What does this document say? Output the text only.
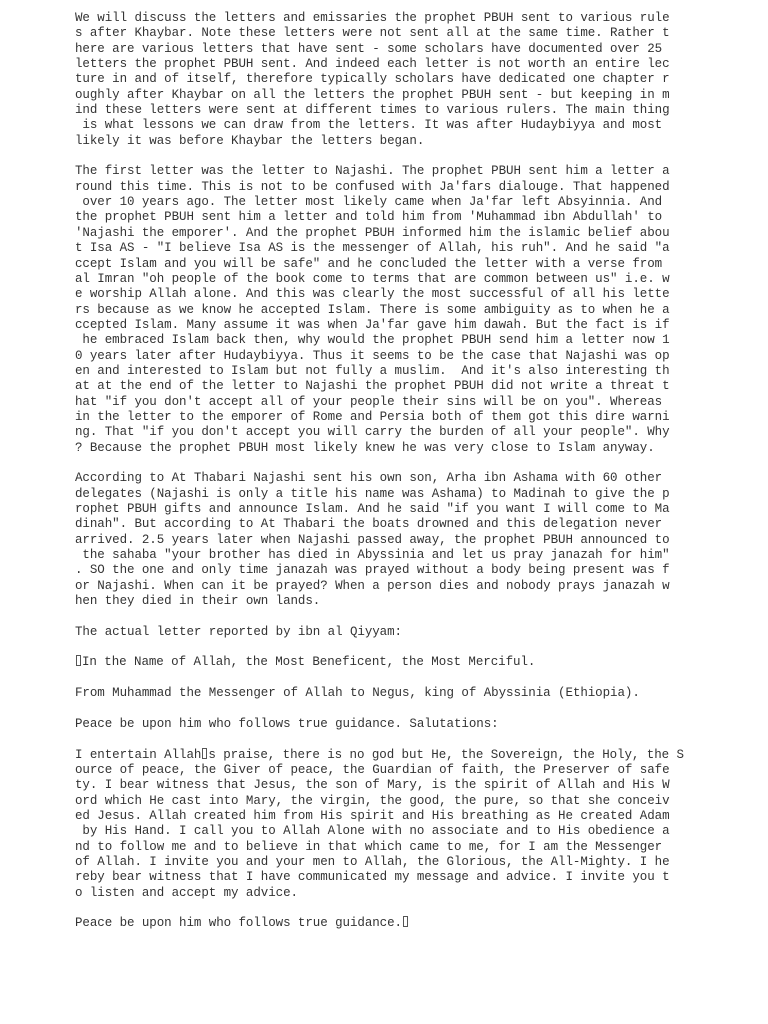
We will discuss the letters and emissaries the prophet PBUH sent to various rule
s after Khaybar. Note these letters were not sent all at the same time. Rather t
here are various letters that have sent - some scholars have documented over 25
letters the prophet PBUH sent. And indeed each letter is not worth an entire lec
ture in and of itself, therefore typically scholars have dedicated one chapter r
oughly after Khaybar on all the letters the prophet PBUH sent - but keeping in m
ind these letters were sent at different times to various rulers. The main thing
is what lessons we can draw from the letters. It was after Hudaybiyya and most
likely it was before Khaybar the letters began.
The first letter was the letter to Najashi. The prophet PBUH sent him a letter a
round this time. This is not to be confused with Ja'fars dialouge. That happened
over 10 years ago. The letter most likely came when Ja'far left Absyinnia. And
the prophet PBUH sent him a letter and told him from 'Muhammad ibn Abdullah' to
'Najashi the emporer'. And the prophet PBUH informed him the islamic belief abou
t Isa AS - "I believe Isa AS is the messenger of Allah, his ruh". And he said "a
ccept Islam and you will be safe" and he concluded the letter with a verse from
al Imran "oh people of the book come to terms that are common between us" i.e. w
e worship Allah alone. And this was clearly the most successful of all his lette
rs because as we know he accepted Islam. There is some ambiguity as to when he a
ccepted Islam. Many assume it was when Ja'far gave him dawah. But the fact is if
he embraced Islam back then, why would the prophet PBUH send him a letter now 1
0 years later after Hudaybiyya. Thus it seems to be the case that Najashi was op
en and interested to Islam but not fully a muslim.  And it's also interesting th
at at the end of the letter to Najashi the prophet PBUH did not write a threat t
hat "if you don't accept all of your people their sins will be on you". Whereas
in the letter to the emporer of Rome and Persia both of them got this dire warni
ng. That "if you don't accept you will carry the burden of all your people". Why
? Because the prophet PBUH most likely knew he was very close to Islam anyway.
According to At Thabari Najashi sent his own son, Arha ibn Ashama with 60 other
delegates (Najashi is only a title his name was Ashama) to Madinah to give the p
rophet PBUH gifts and announce Islam. And he said "if you want I will come to Ma
dinah". But according to At Thabari the boats drowned and this delegation never
arrived. 2.5 years later when Najashi passed away, the prophet PBUH announced to
the sahaba "your brother has died in Abyssinia and let us pray janazah for him"
. SO the one and only time janazah was prayed without a body being present was f
or Najashi. When can it be prayed? When a person dies and nobody prays janazah w
hen they died in their own lands.
The actual letter reported by ibn al Qiyyam:
In the Name of Allah, the Most Beneficent, the Most Merciful.
From Muhammad the Messenger of Allah to Negus, king of Abyssinia (Ethiopia).
Peace be upon him who follows true guidance. Salutations:
I entertain Allah s praise, there is no god but He, the Sovereign, the Holy, the S
ource of peace, the Giver of peace, the Guardian of faith, the Preserver of safe
ty. I bear witness that Jesus, the son of Mary, is the spirit of Allah and His W
ord which He cast into Mary, the virgin, the good, the pure, so that she conceiv
ed Jesus. Allah created him from His spirit and His breathing as He created Adam
by His Hand. I call you to Allah Alone with no associate and to His obedience a
nd to follow me and to believe in that which came to me, for I am the Messenger
of Allah. I invite you and your men to Allah, the Glorious, the All-Mighty. I he
reby bear witness that I have communicated my message and advice. I invite you t
o listen and accept my advice.
Peace be upon him who follows true guidance.
